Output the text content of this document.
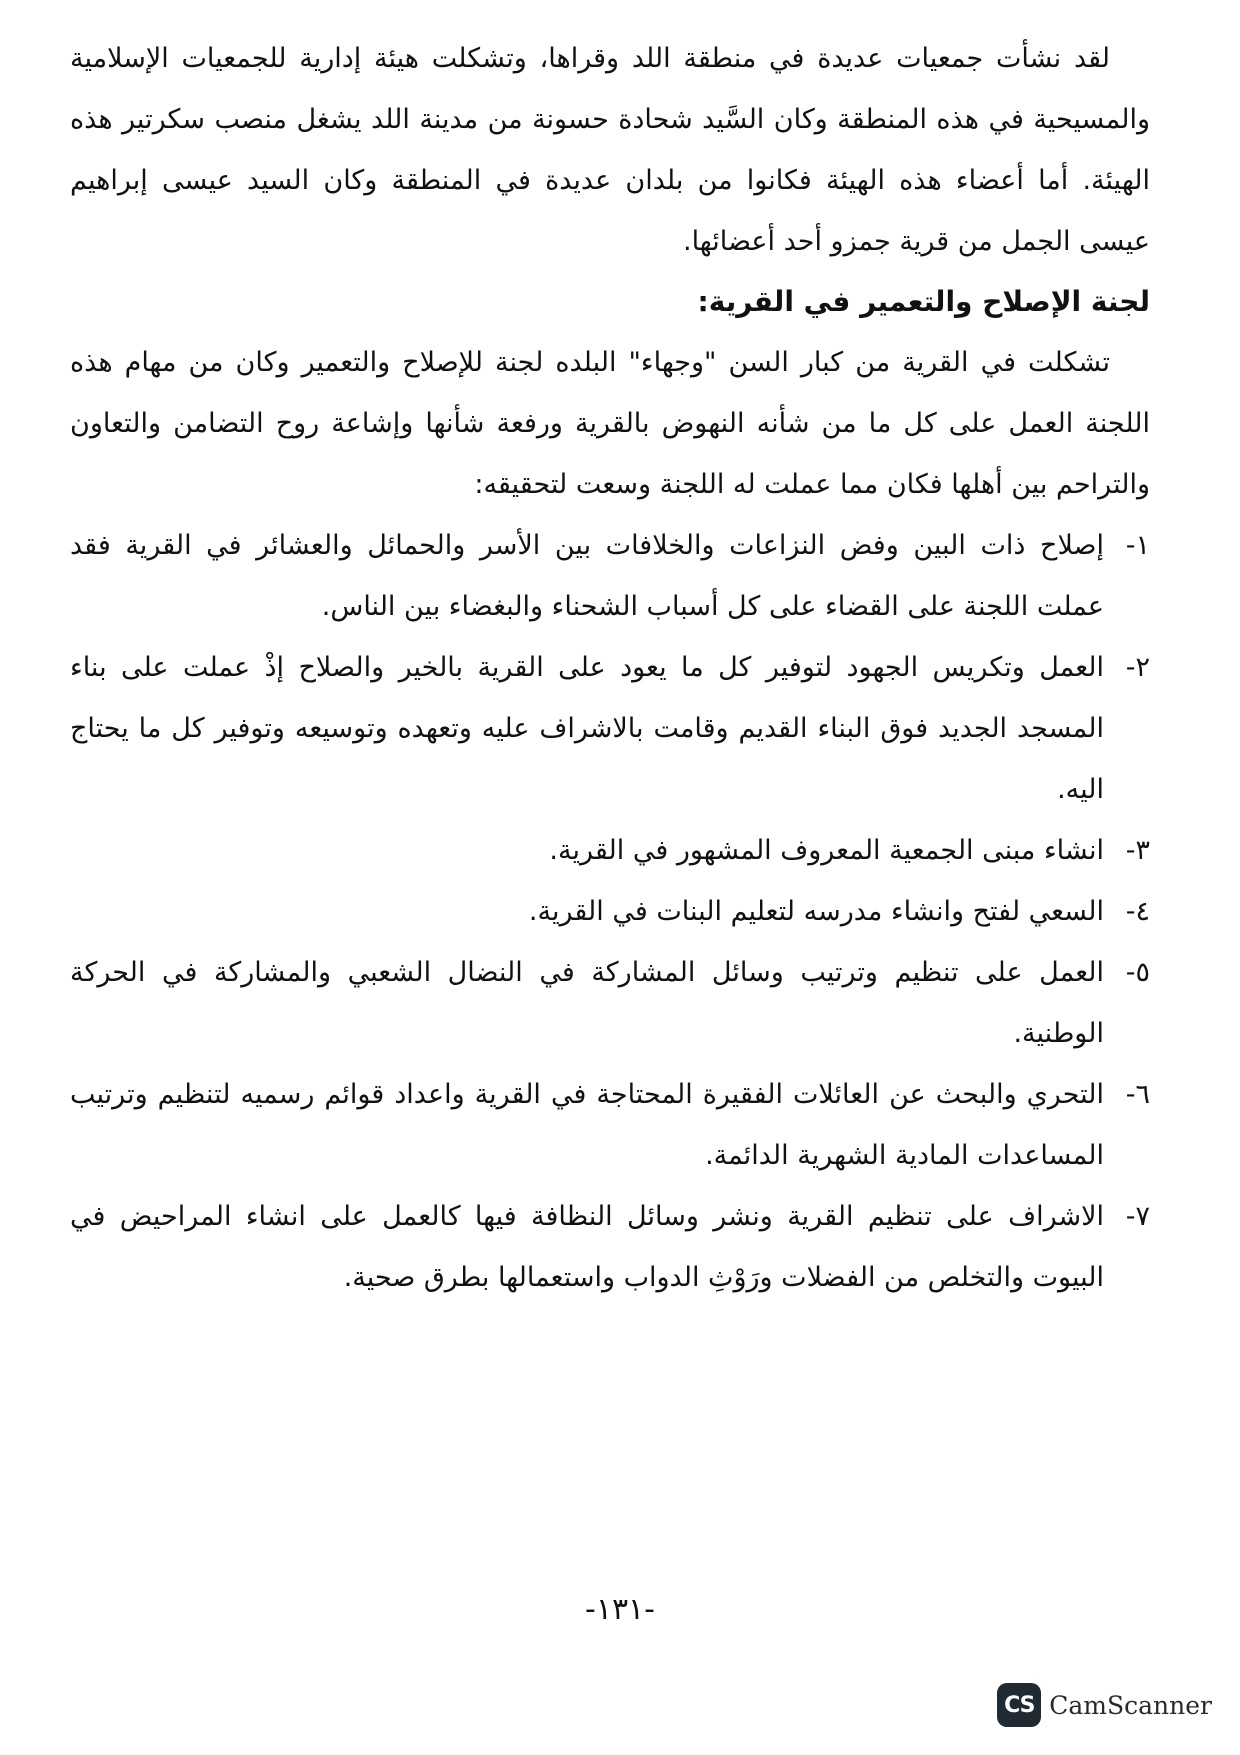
لقد نشأت جمعيات عديدة في منطقة اللد وقراها، وتشكلت هيئة إدارية للجمعيات الإسلامية والمسيحية في هذه المنطقة وكان السَّيد شحادة حسونة من مدينة اللد يشغل منصب سكرتير هذه الهيئة. أما أعضاء هذه الهيئة فكانوا من بلدان عديدة في المنطقة وكان السيد عيسى إبراهيم عيسى الجمل من قرية جمزو أحد أعضائها.

لجنة الإصلاح والتعمير في القرية:

تشكلت في القرية من كبار السن "وجهاء" البلده لجنة للإصلاح والتعمير وكان من مهام هذه اللجنة العمل على كل ما من شأنه النهوض بالقرية ورفعة شأنها وإشاعة روح التضامن والتعاون والتراحم بين أهلها فكان مما عملت له اللجنة وسعت لتحقيقه:

١-
إصلاح ذات البين وفض النزاعات والخلافات بين الأسر والحمائل والعشائر في القرية فقد عملت اللجنة على القضاء على كل أسباب الشحناء والبغضاء بين الناس.
٢-
العمل وتكريس الجهود لتوفير كل ما يعود على القرية بالخير والصلاح إذْ عملت على بناء المسجد الجديد فوق البناء القديم وقامت بالاشراف عليه وتعهده وتوسيعه وتوفير كل ما يحتاج اليه.
٣-
انشاء مبنى الجمعية المعروف المشهور في القرية.
٤-
السعي لفتح وانشاء مدرسه لتعليم البنات في القرية.
٥-
العمل على تنظيم وترتيب وسائل المشاركة في النضال الشعبي والمشاركة في الحركة الوطنية.
٦-
التحري والبحث عن العائلات الفقيرة المحتاجة في القرية واعداد قوائم رسميه لتنظيم وترتيب المساعدات المادية الشهرية الدائمة.
٧-
الاشراف على تنظيم القرية ونشر وسائل النظافة فيها كالعمل على انشاء المراحيض في البيوت والتخلص من الفضلات ورَوْثِ الدواب واستعمالها بطرق صحية.
-١٣١-
CS CamScanner
